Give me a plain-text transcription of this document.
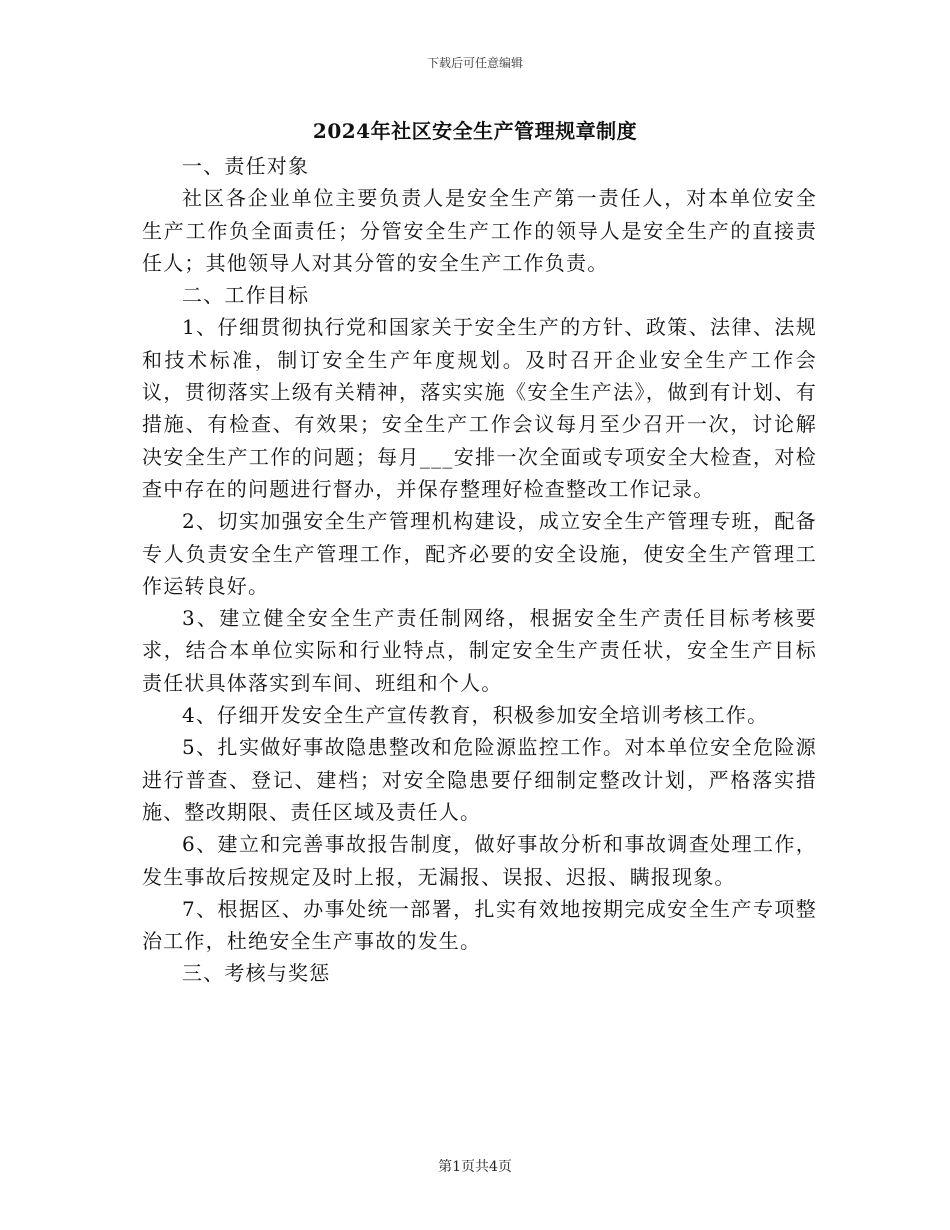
下载后可任意编辑
2024年社区安全生产管理规章制度

一、责任对象

社区各企业单位主要负责人是安全生产第一责任人，对本单位安全生产工作负全面责任；分管安全生产工作的领导人是安全生产的直接责任人；其他领导人对其分管的安全生产工作负责。

二、工作目标

1、仔细贯彻执行党和国家关于安全生产的方针、政策、法律、法规和技术标准，制订安全生产年度规划。及时召开企业安全生产工作会议，贯彻落实上级有关精神，落实实施《安全生产法》，做到有计划、有措施、有检查、有效果；安全生产工作会议每月至少召开一次，讨论解决安全生产工作的问题；每月___安排一次全面或专项安全大检查，对检查中存在的问题进行督办，并保存整理好检查整改工作记录。

2、切实加强安全生产管理机构建设，成立安全生产管理专班，配备专人负责安全生产管理工作，配齐必要的安全设施，使安全生产管理工作运转良好。

3、建立健全安全生产责任制网络，根据安全生产责任目标考核要求，结合本单位实际和行业特点，制定安全生产责任状，安全生产目标责任状具体落实到车间、班组和个人。

4、仔细开发安全生产宣传教育，积极参加安全培训考核工作。

5、扎实做好事故隐患整改和危险源监控工作。对本单位安全危险源进行普查、登记、建档；对安全隐患要仔细制定整改计划，严格落实措施、整改期限、责任区域及责任人。

6、建立和完善事故报告制度，做好事故分析和事故调查处理工作，发生事故后按规定及时上报，无漏报、误报、迟报、瞒报现象。

7、根据区、办事处统一部署，扎实有效地按期完成安全生产专项整治工作，杜绝安全生产事故的发生。

三、考核与奖惩

第1页共4页
